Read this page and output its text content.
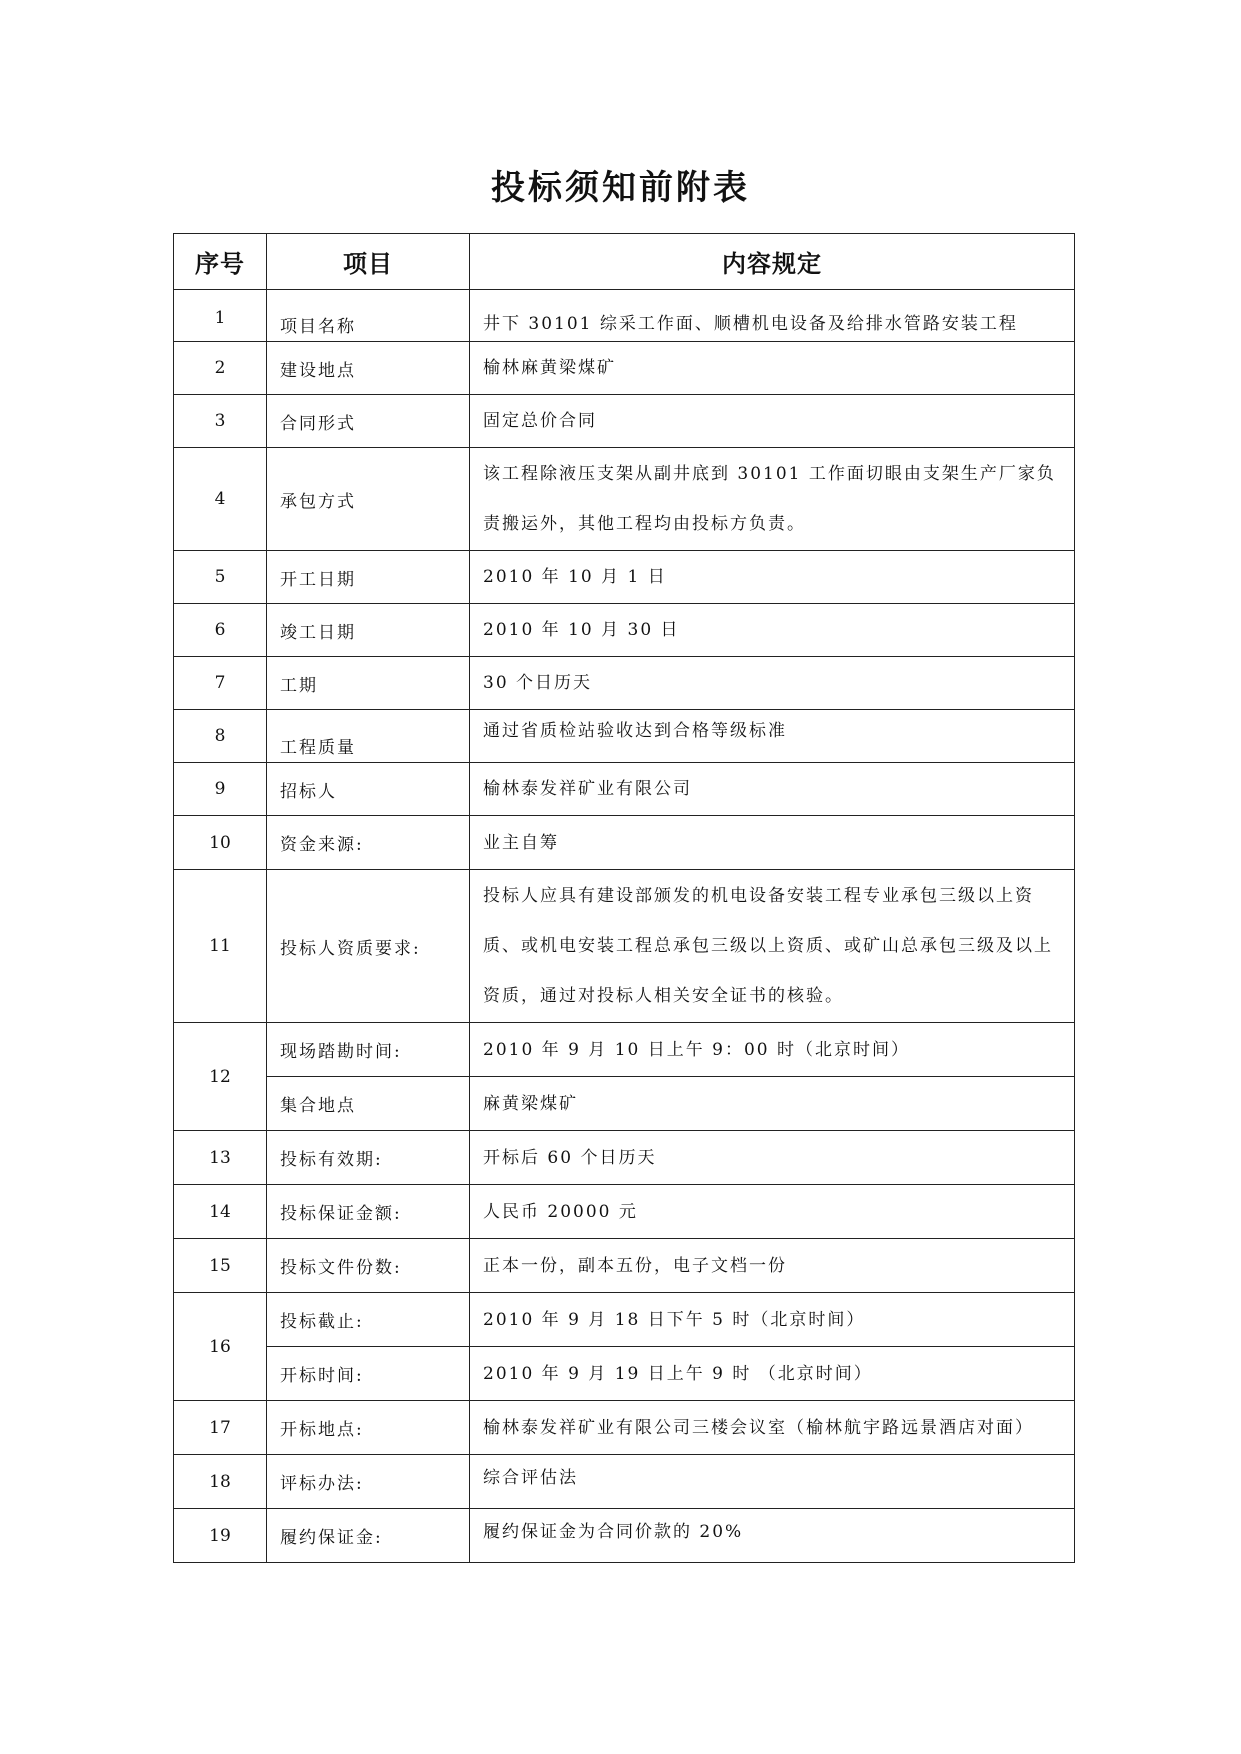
投标须知前附表
序号	项目	内容规定
1	项目名称	井下 30101 综采工作面、顺槽机电设备及给排水管路安装工程
2	建设地点	榆林麻黄梁煤矿
3	合同形式	固定总价合同
4	承包方式	该工程除液压支架从副井底到 30101 工作面切眼由支架生产厂家负责搬运外，其他工程均由投标方负责。
5	开工日期	2010 年 10 月 1 日
6	竣工日期	2010 年 10 月 30 日
7	工期	30 个日历天
8	工程质量	通过省质检站验收达到合格等级标准
9	招标人	榆林泰发祥矿业有限公司
10	资金来源:	业主自筹
11	投标人资质要求:	投标人应具有建设部颁发的机电设备安装工程专业承包三级以上资质、或机电安装工程总承包三级以上资质、或矿山总承包三级及以上资质，通过对投标人相关安全证书的核验。
12	现场踏勘时间:	2010 年 9 月 10 日上午 9：00 时（北京时间）
	集合地点	麻黄梁煤矿
13	投标有效期:	开标后 60 个日历天
14	投标保证金额:	人民币 20000 元
15	投标文件份数:	正本一份，副本五份，电子文档一份
16	投标截止:	2010 年 9 月 18 日下午 5 时（北京时间）
	开标时间:	2010 年 9 月 19 日上午 9 时 （北京时间）
17	开标地点:	榆林泰发祥矿业有限公司三楼会议室（榆林航宇路远景酒店对面）
18	评标办法:	综合评估法
19	履约保证金:	履约保证金为合同价款的 20%
